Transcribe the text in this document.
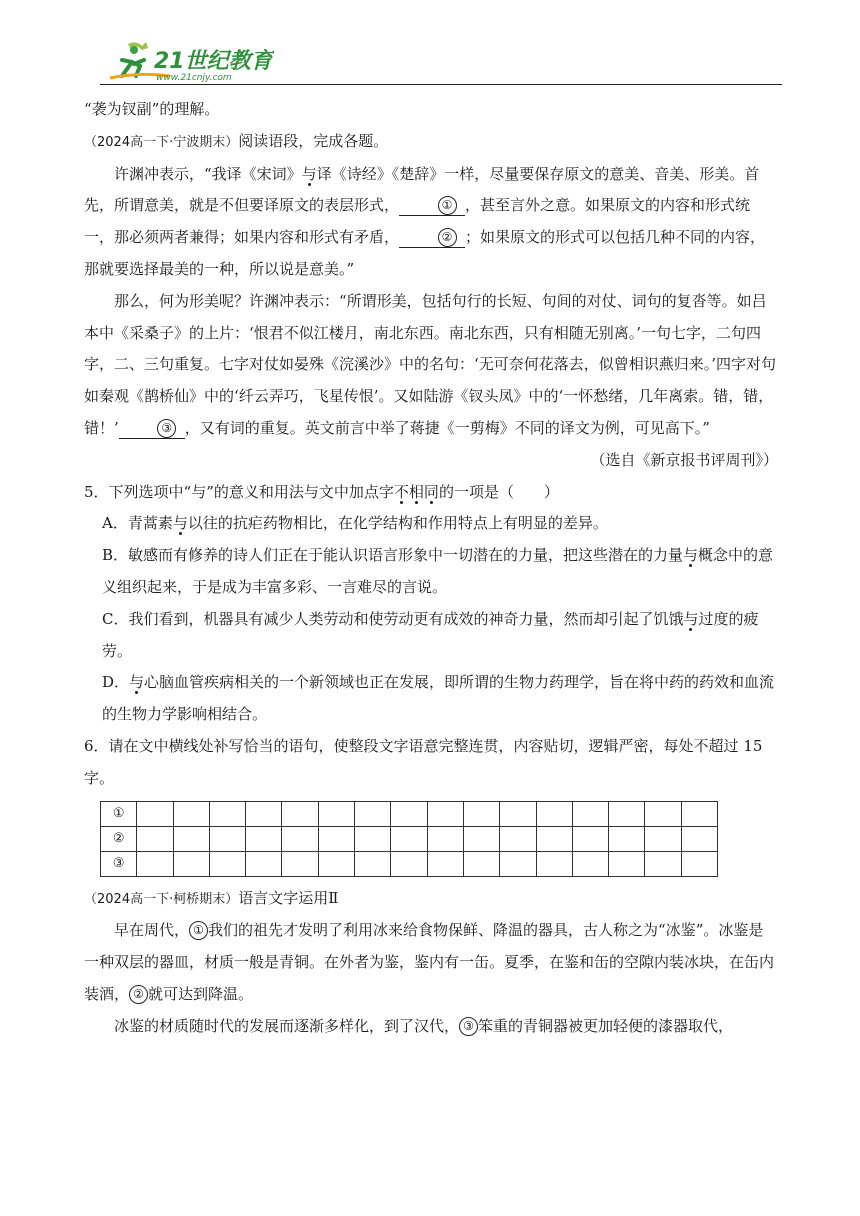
21世纪教育
www.21cnjy.com

“袭为钗副”的理解。

（2024高一下·宁波期末）阅读语段，完成各题。

许渊冲表示，“我译《宋词》与译《诗经》《楚辞》一样，尽量要保存原文的意美、音美、形美。首先，所谓意美，就是不但要译原文的表层形式，	① ，甚至言外之意。如果原文的内容和形式统一，那必须两者兼得；如果内容和形式有矛盾，	② ；如果原文的形式可以包括几种不同的内容，那就要选择最美的一种，所以说是意美。”

那么，何为形美呢？许渊冲表示：“所谓形美，包括句行的长短、句间的对仗、词句的复沓等。如吕本中《采桑子》的上片：‘恨君不似江楼月，南北东西。南北东西，只有相随无别离。’一句七字，二句四字，二、三句重复。七字对仗如晏殊《浣溪沙》中的名句：‘无可奈何花落去，似曾相识燕归来。’四字对句如秦观《鹊桥仙》中的‘纤云弄巧，飞星传恨’。又如陆游《钗头凤》中的‘一怀愁绪，几年离索。错，错，错！’	③ ，又有词的重复。英文前言中举了蒋捷《一剪梅》不同的译文为例，可见高下。”

（选自《新京报书评周刊》）

5．下列选项中“与”的意义和用法与文中加点字不相同的一项是（　　）

A．青蒿素与以往的抗疟药物相比，在化学结构和作用特点上有明显的差异。

B．敏感而有修养的诗人们正在于能认识语言形象中一切潜在的力量，把这些潜在的力量与概念中的意义组织起来，于是成为丰富多彩、一言难尽的言说。

C．我们看到，机器具有减少人类劳动和使劳动更有成效的神奇力量，然而却引起了饥饿与过度的疲劳。

D．与心脑血管疾病相关的一个新领域也正在发展，即所谓的生物力药理学，旨在将中药的药效和血流的生物力学影响相结合。

6．请在文中横线处补写恰当的语句，使整段文字语意完整连贯，内容贴切，逻辑严密，每处不超过 15 字。

①																
②																
③																

（2024高一下·柯桥期末）语言文字运用Ⅱ

早在周代， ① 我们的祖先才发明了利用冰来给食物保鲜、降温的器具，古人称之为“冰鉴”。冰鉴是一种双层的器皿，材质一般是青铜。在外者为鉴，鉴内有一缶。夏季，在鉴和缶的空隙内装冰块，在缶内装酒， ② 就可达到降温。

冰鉴的材质随时代的发展而逐渐多样化，到了汉代， ③ 笨重的青铜器被更加轻便的漆器取代，
